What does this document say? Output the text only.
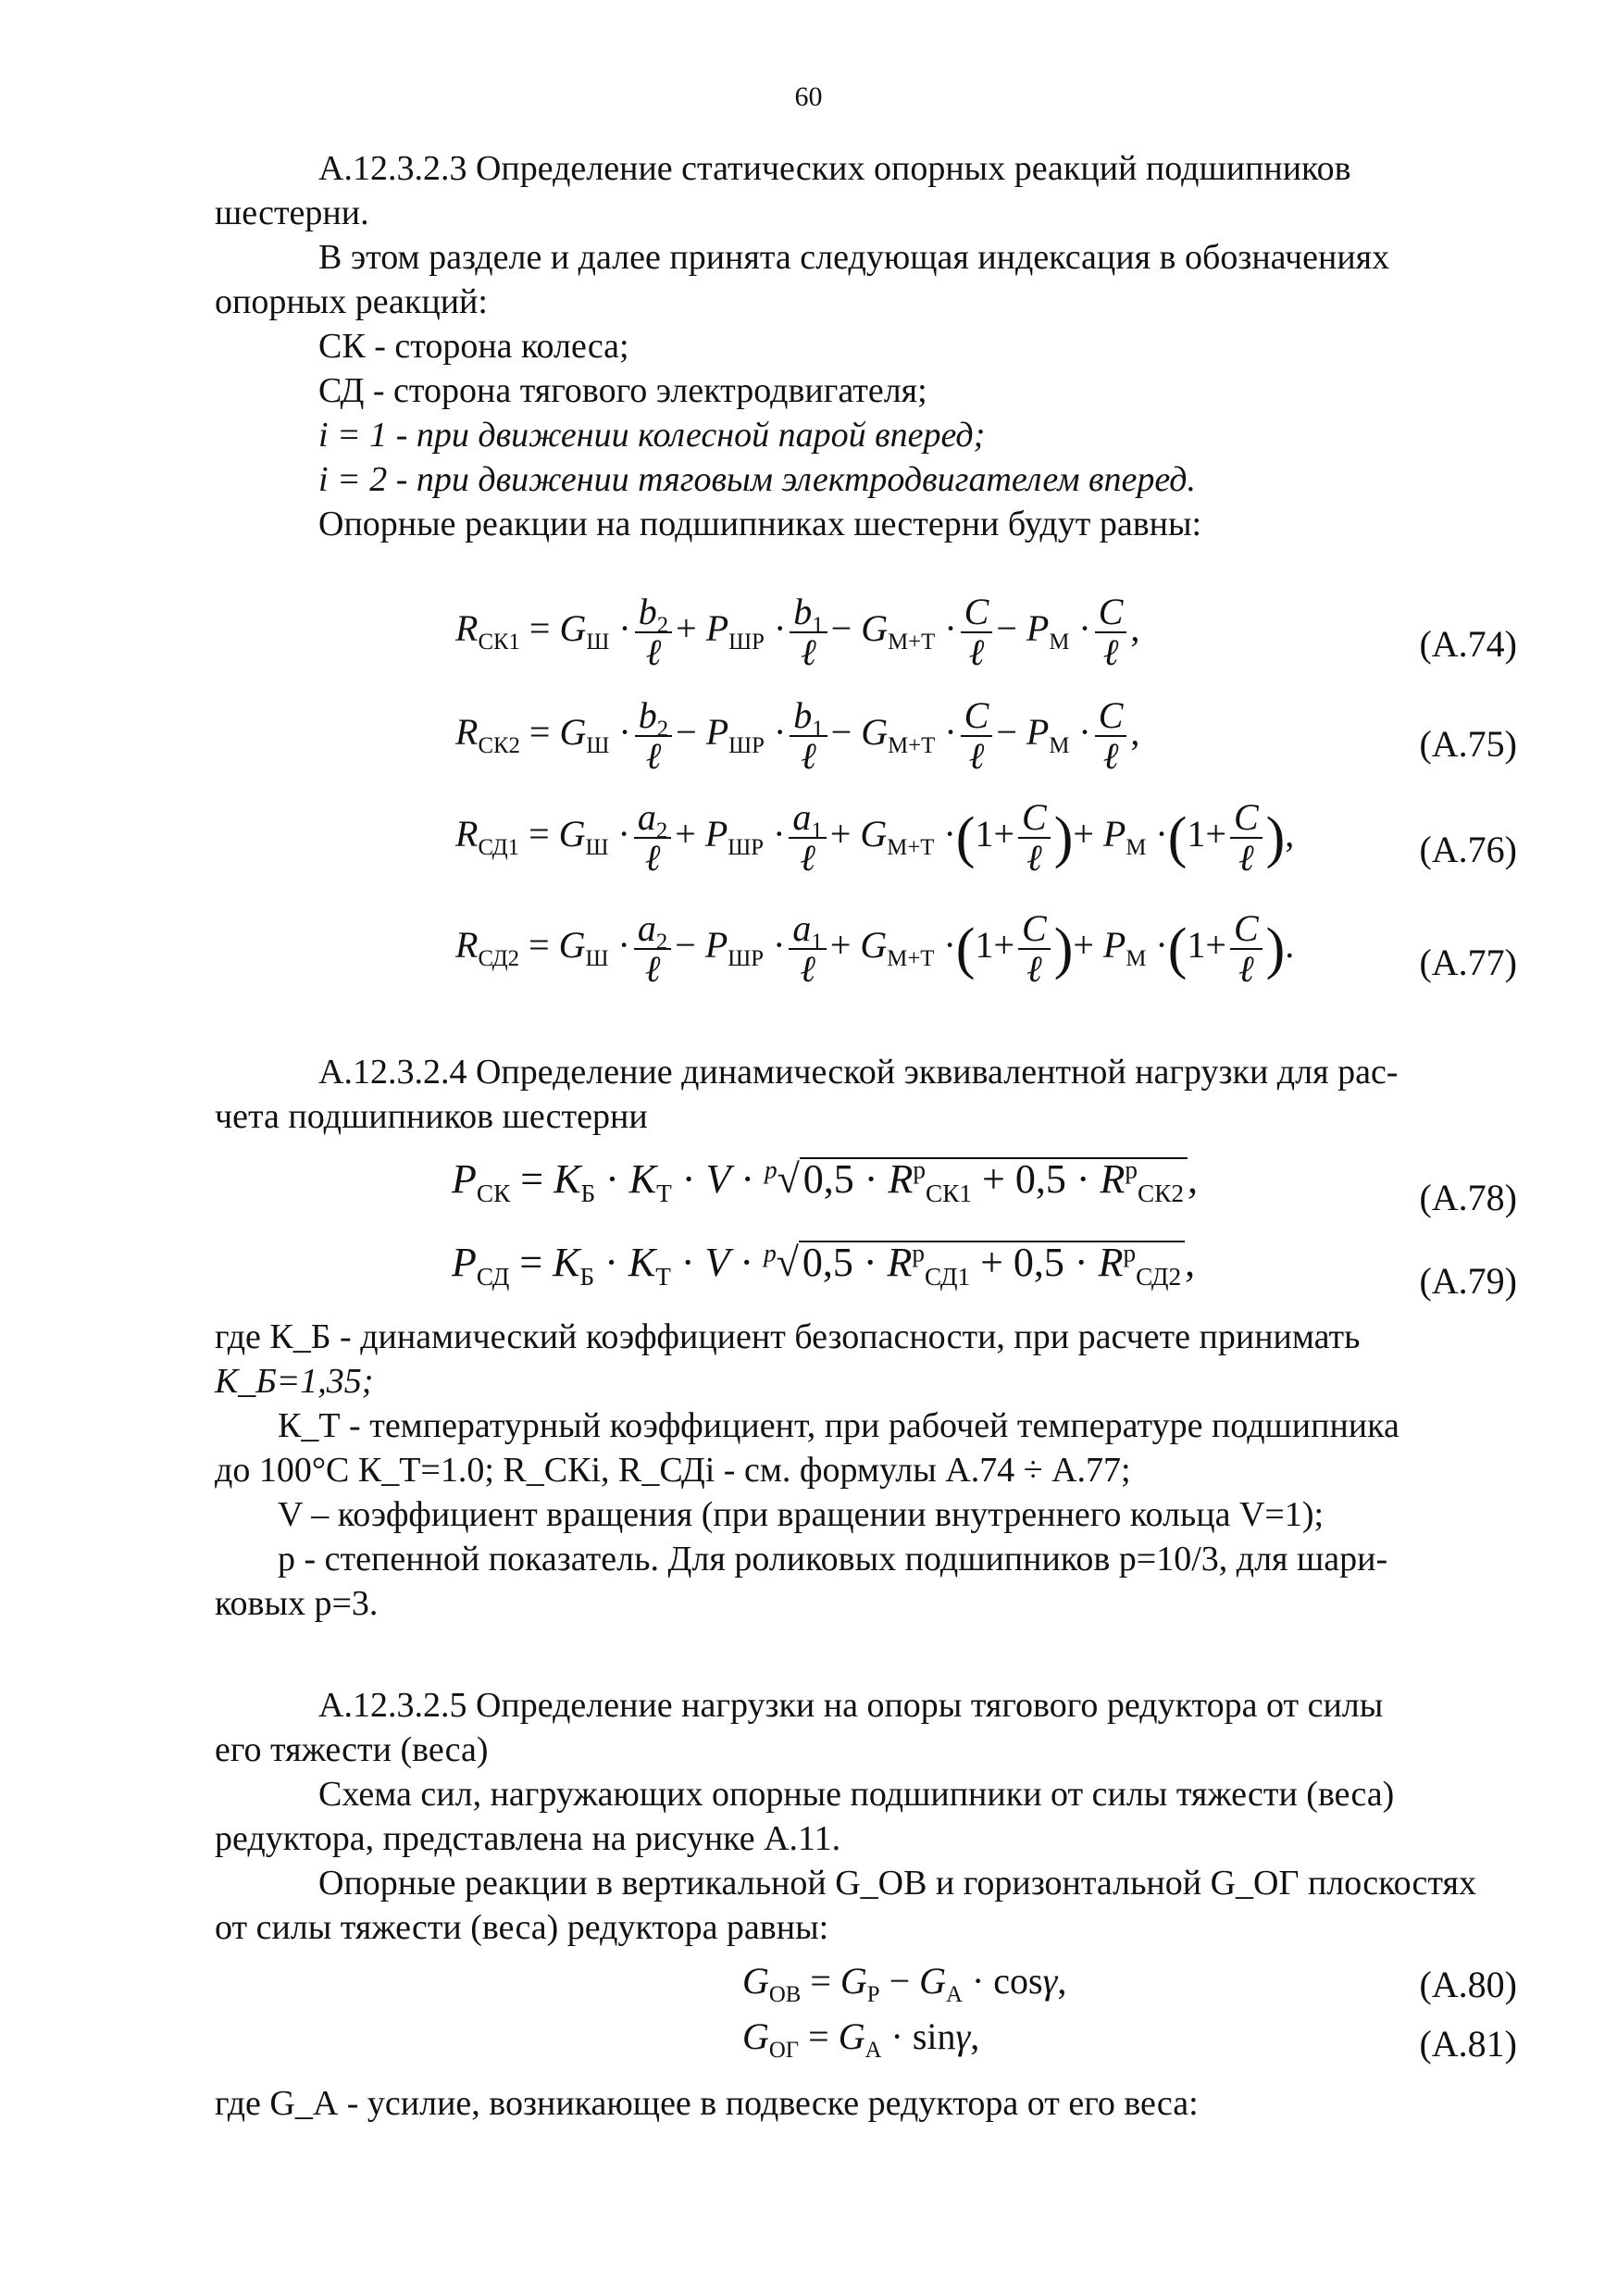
60
А.12.3.2.3 Определение статических опорных реакций подшипников
шестерни.
В этом разделе и далее принята следующая индексация в обозначениях
опорных реакций:
СК - сторона колеса;
СД - сторона тягового электродвигателя;
i = 1 - при движении колесной парой вперед;
i = 2 - при движении тяговым электродвигателем вперед.
Опорные реакции на подшипниках шестерни будут равны:
$R_{СК1} = G_Ш \cdot \frac{b_2}{\text{ℓ}} + P_{ШР} \cdot \frac{b_1}{\text{ℓ}} - G_{М+Т} \cdot \frac{C}{\text{ℓ}} - P_М \cdot \frac{C}{\text{ℓ}}$ ,	(А.74)
$R_{СК2} = G_Ш \cdot \frac{b_2}{\text{ℓ}} - P_{ШР} \cdot \frac{b_1}{\text{ℓ}} - G_{М+Т} \cdot \frac{C}{\text{ℓ}} - P_М \cdot \frac{C}{\text{ℓ}}$ ,	(А.75)
$R_{СД1} = G_Ш \cdot \frac{a_2}{\text{ℓ}} + P_{ШР} \cdot \frac{a_1}{\text{ℓ}} + G_{М+Т} \cdot(1+ \frac{C}{\text{ℓ}}$ )+ $P_М \cdot(1+ \frac{C}{\text{ℓ}}$ ),	(А.76)
$R_{СД2} = G_Ш \cdot \frac{a_2}{\text{ℓ}} - P_{ШР} \cdot \frac{a_1}{\text{ℓ}} + G_{М+Т} \cdot(1+ \frac{C}{\text{ℓ}}$ )+ $P_М \cdot(1+ \frac{C}{\text{ℓ}}$ ).	(А.77)
А.12.3.2.4 Определение динамической эквивалентной нагрузки для рас-
чета подшипников шестерни
$P_{СК} = K_Б \cdot K_Т \cdot V \cdot ^p√0,5 \cdot R^p_{СК1} + 0,5 \cdot R^p_{СК2}$,	(А.78)
$P_{СД} = K_Б \cdot K_Т \cdot V \cdot ^p√0,5 \cdot R^p_{СД1} + 0,5 \cdot R^p_{СД2}$,	(А.79)
где К_Б - динамический коэффициент безопасности, при расчете принимать
К_Б=1,35;
К_Т - температурный коэффициент, при рабочей температуре подшипника
до 100°С К_Т=1.0; R_СКi, R_СДi - см. формулы А.74 ÷ А.77;
V – коэффициент вращения (при вращении внутреннего кольца V=1);
p - степенной показатель. Для роликовых подшипников p=10/3, для шари-
ковых p=3.
А.12.3.2.5 Определение нагрузки на опоры тягового редуктора от силы
его тяжести (веса)
Схема сил, нагружающих опорные подшипники от силы тяжести (веса)
редуктора, представлена на рисунке А.11.
Опорные реакции в вертикальной G_ОВ и горизонтальной G_ОГ плоскостях
от силы тяжести (веса) редуктора равны:
$G_{ОВ} = G_Р - G_А \cdot \cos\gamma$,	(А.80)
$G_{ОГ} = G_А \cdot \sin\gamma$,	(А.81)
где G_А - усилие, возникающее в подвеске редуктора от его веса:
